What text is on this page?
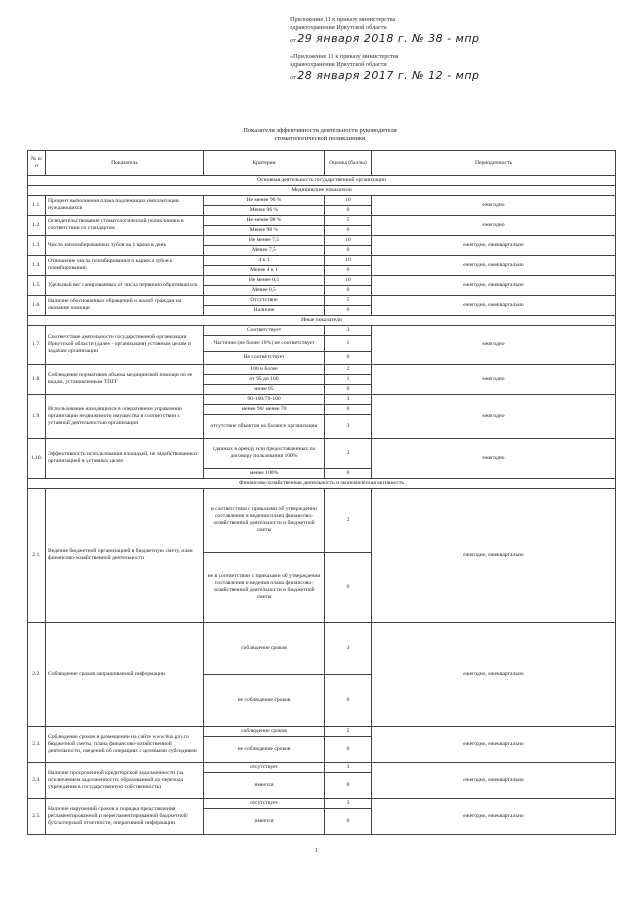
Приложение 11 к приказу министерства
здравоохранения Иркутской области
от 29 января 2018 г. № 38 - мпр
«Приложение 11 к приказу министерства
здравоохранения Иркутской области
от 28 января 2017 г. № 12 - мпр
Показатели эффективности деятельности руководителя
стоматологической поликлиники
№ п/п	Показатель	Критерии	Оценка (баллы)	Периодичность
Основная деятельность государственной организации				
Медицинские показатели				
1.1.	Процент выполнения плана подлежащих имплантации нуждающихся	Не менее 96 %	10	ежегодно
		Менее 96 %	0	
1.2.	Освидетельствование стоматологической поликлиники в соответствии со стандартом	Не менее 98 %	5	ежегодно
		Менее 98 %	0	
1.3.	Число запломбированных зубов на 1 врача в день	Не менее 7,5	10	ежегодно, ежеквартально
		Менее 7,5	0	
1.4.	Отношение числа пломбированного кариеса зубов к пломбированию	4 к 1	10	ежегодно, ежеквартально
		Менее 4 к 1	0	
1.5.	Удельный вес санированных от числа первично обратившихся	Не менее 0,5	10	ежегодно, ежеквартально
		Менее 0,5	0	
1.6.	Наличие обоснованных обращений и жалоб граждан на оказание помощи	Отсутствие	5	ежегодно, ежеквартально
		Наличие	0	
Иные показатели				
1.7.	Соответствие деятельности государственной организации Иркутской области (далее - организация) уставным целям и задачам организации	Соответствует	3	ежегодно
		Частично (не более 10%) не соответствует	1	
		Не соответствует	0	
1.8.	Соблюдение нормативов объема медицинской помощи по ее видам, установленным ТПГГ	100 и более	2	ежегодно
		от 95 до 100	1	
		ниже 95	0	
1.9.	Использование находящихся в оперативном управлении организации недвижимого имущества в соответствии с уставной деятельностью организации	90-100/70-100	3	ежегодно
		менее 90/ менее 70	0	
		отсутствие объектов на балансе организации	3	
1.10.	Эффективность использования площадей, не задействованных организацией в уставных целях	сданных в аренду или предоставленных по договору пользования 100%	3	ежегодно
		менее 100%	0	
Финансово-хозяйственная деятельность и экономическая активность				
2.1.	Ведение бюджетной организацией в бюджетную смету, план финансово-хозяйственной деятельности	в соответствии с приказами об утверждении составления и ведения плана финансово-хозяйственной деятельности и бюджетной сметы	2	ежегодно, ежеквартально
		не в соответствии с приказами об утверждении составления и ведения плана финансово-хозяйственной деятельности и бюджетной сметы	0	
2.2.	Соблюдение сроков запрашиваемой информации	соблюдение сроков	3	ежегодно, ежеквартально
		не соблюдение сроков	0	
2.3.	Соблюдение сроков в размещении на сайте www.bus.gov.ru бюджетной сметы, плана финансово-хозяйственной деятельности, сведений об операциях с целевыми субсидиями	соблюдение сроков	2	ежегодно, ежеквартально
		не соблюдение сроков	0	
2.4.	Наличие просроченной кредиторской задолженности (за исключением задолженности, образованной до перехода учреждения в государственную собственность)	отсутствует	3	ежегодно, ежеквартально
		имеется	0	
2.5.	Наличие нарушений сроков и порядка представления регламентированной и нерегламентированной бюджетной/бухгалтерской отчетности, оперативной информации	отсутствует	3	ежегодно, ежеквартально
		имеется	0	
1
